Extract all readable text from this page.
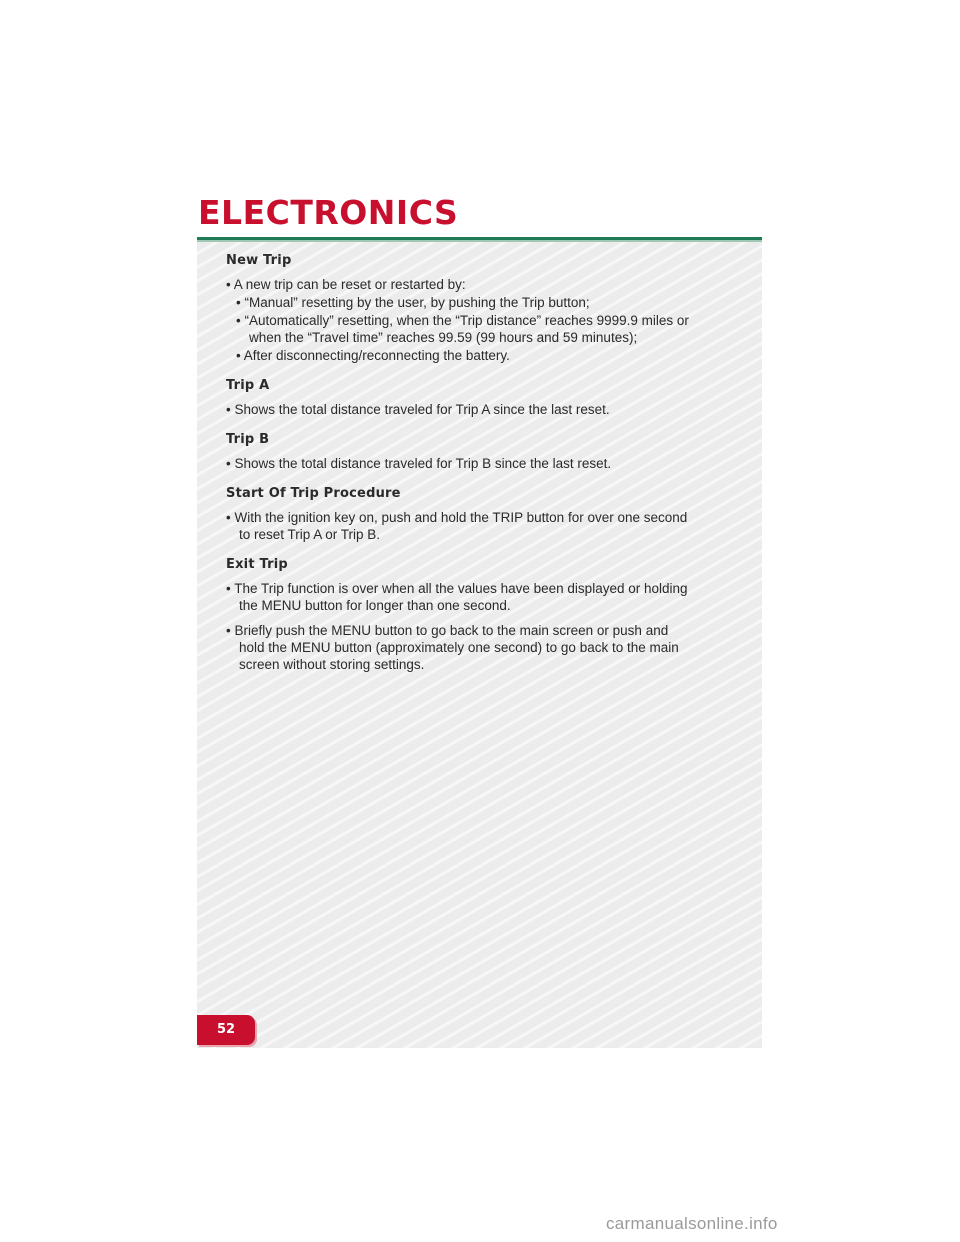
ELECTRONICS

New Trip

• A new trip can be reset or restarted by:

• “Manual” resetting by the user, by pushing the Trip button;

• “Automatically” resetting, when the “Trip distance” reaches 9999.9 miles or when the “Travel time” reaches 99.59 (99 hours and 59 minutes);

• After disconnecting/reconnecting the battery.

Trip A

• Shows the total distance traveled for Trip A since the last reset.

Trip B

• Shows the total distance traveled for Trip B since the last reset.

Start Of Trip Procedure

• With the ignition key on, push and hold the TRIP button for over one second to reset Trip A or Trip B.

Exit Trip

• The Trip function is over when all the values have been displayed or holding the MENU button for longer than one second.

• Briefly push the MENU button to go back to the main screen or push and hold the MENU button (approximately one second) to go back to the main screen without storing settings.

52
carmanualsonline.info
